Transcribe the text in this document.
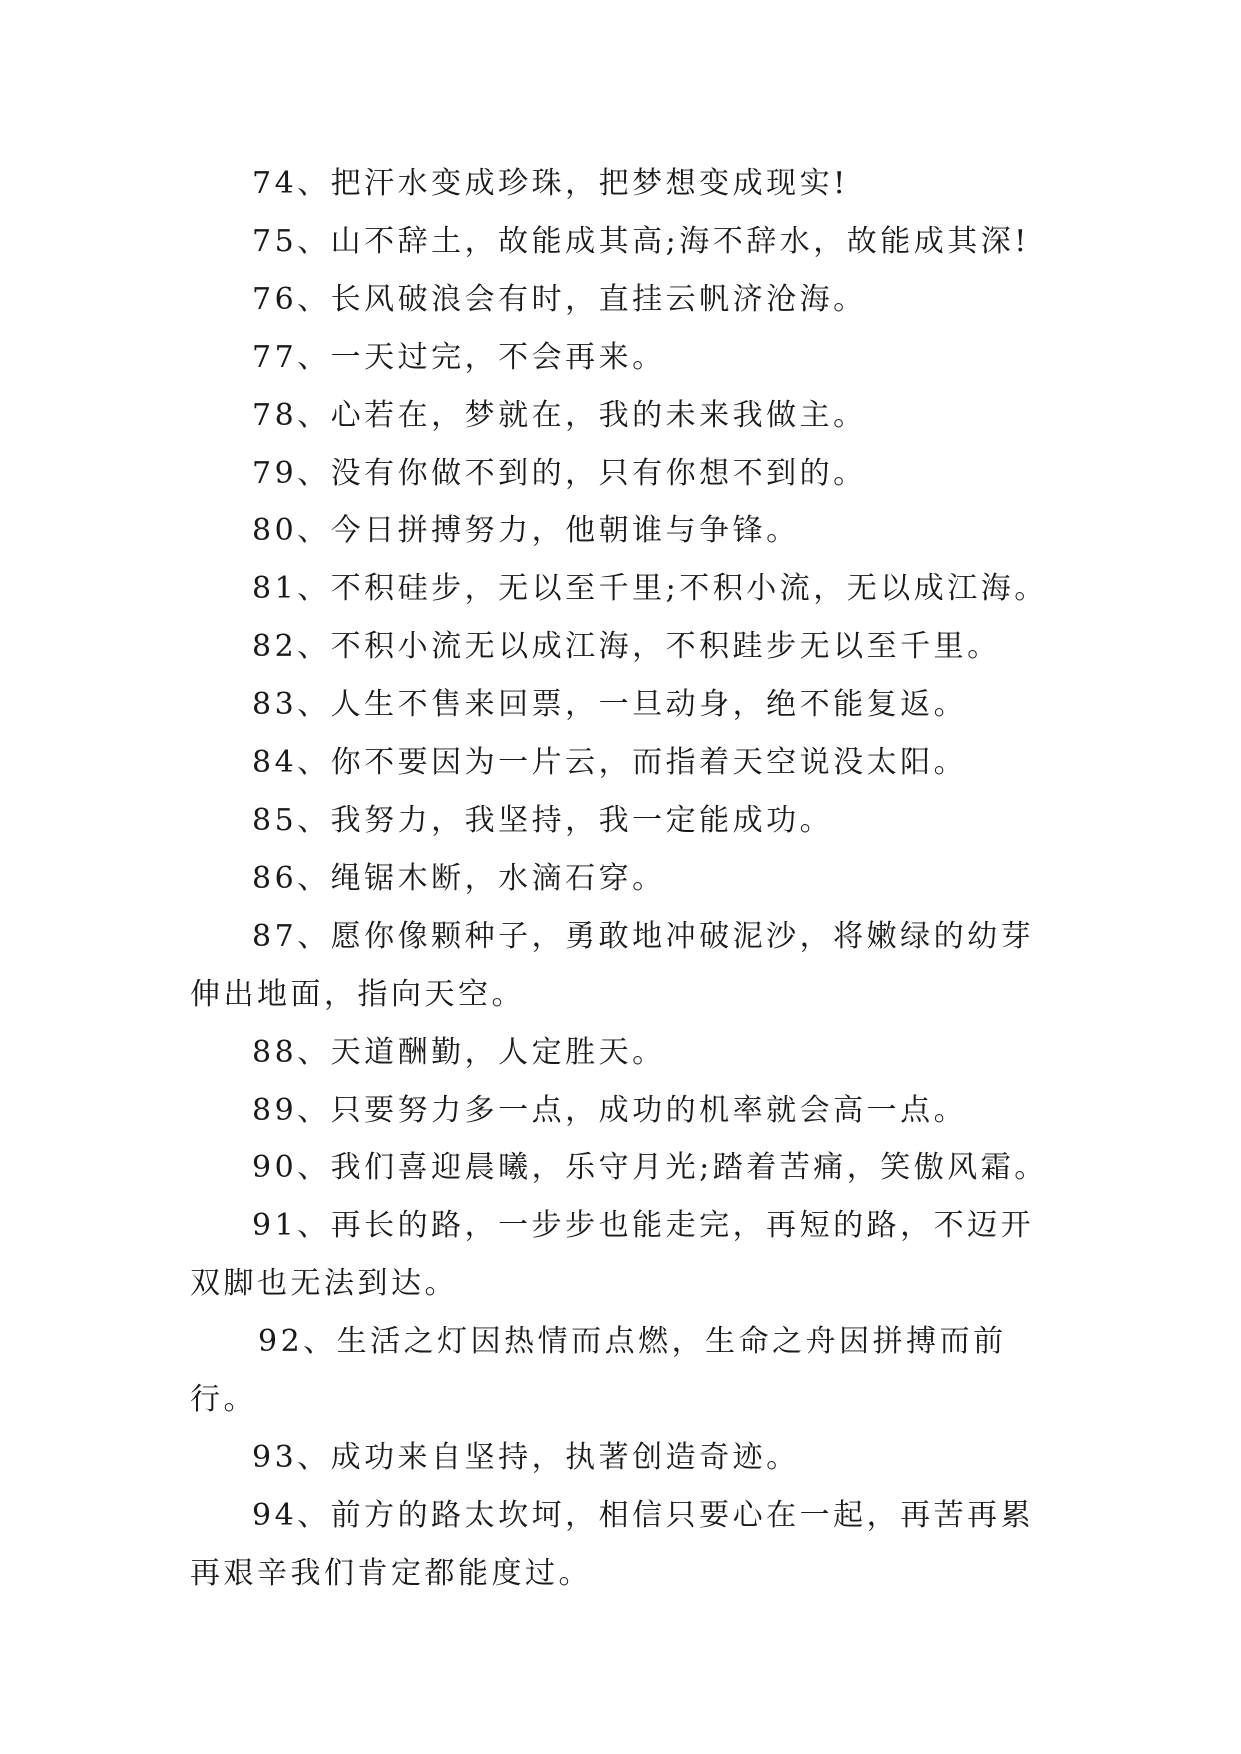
74、把汗水变成珍珠，把梦想变成现实!

75、山不辞土，故能成其高;海不辞水，故能成其深!

76、长风破浪会有时，直挂云帆济沧海。

77、一天过完，不会再来。

78、心若在，梦就在，我的未来我做主。

79、没有你做不到的，只有你想不到的。

80、今日拼搏努力，他朝谁与争锋。

81、不积硅步，无以至千里;不积小流，无以成江海。

82、不积小流无以成江海，不积跬步无以至千里。

83、人生不售来回票，一旦动身，绝不能复返。

84、你不要因为一片云，而指着天空说没太阳。

85、我努力，我坚持，我一定能成功。

86、绳锯木断，水滴石穿。

87、愿你像颗种子，勇敢地冲破泥沙，将嫩绿的幼芽伸出地面，指向天空。

88、天道酬勤，人定胜天。

89、只要努力多一点，成功的机率就会高一点。

90、我们喜迎晨曦，乐守月光;踏着苦痛，笑傲风霜。

91、再长的路，一步步也能走完，再短的路，不迈开双脚也无法到达。

92、生活之灯因热情而点燃，生命之舟因拼搏而前行。

93、成功来自坚持，执著创造奇迹。

94、前方的路太坎坷，相信只要心在一起，再苦再累再艰辛我们肯定都能度过。
